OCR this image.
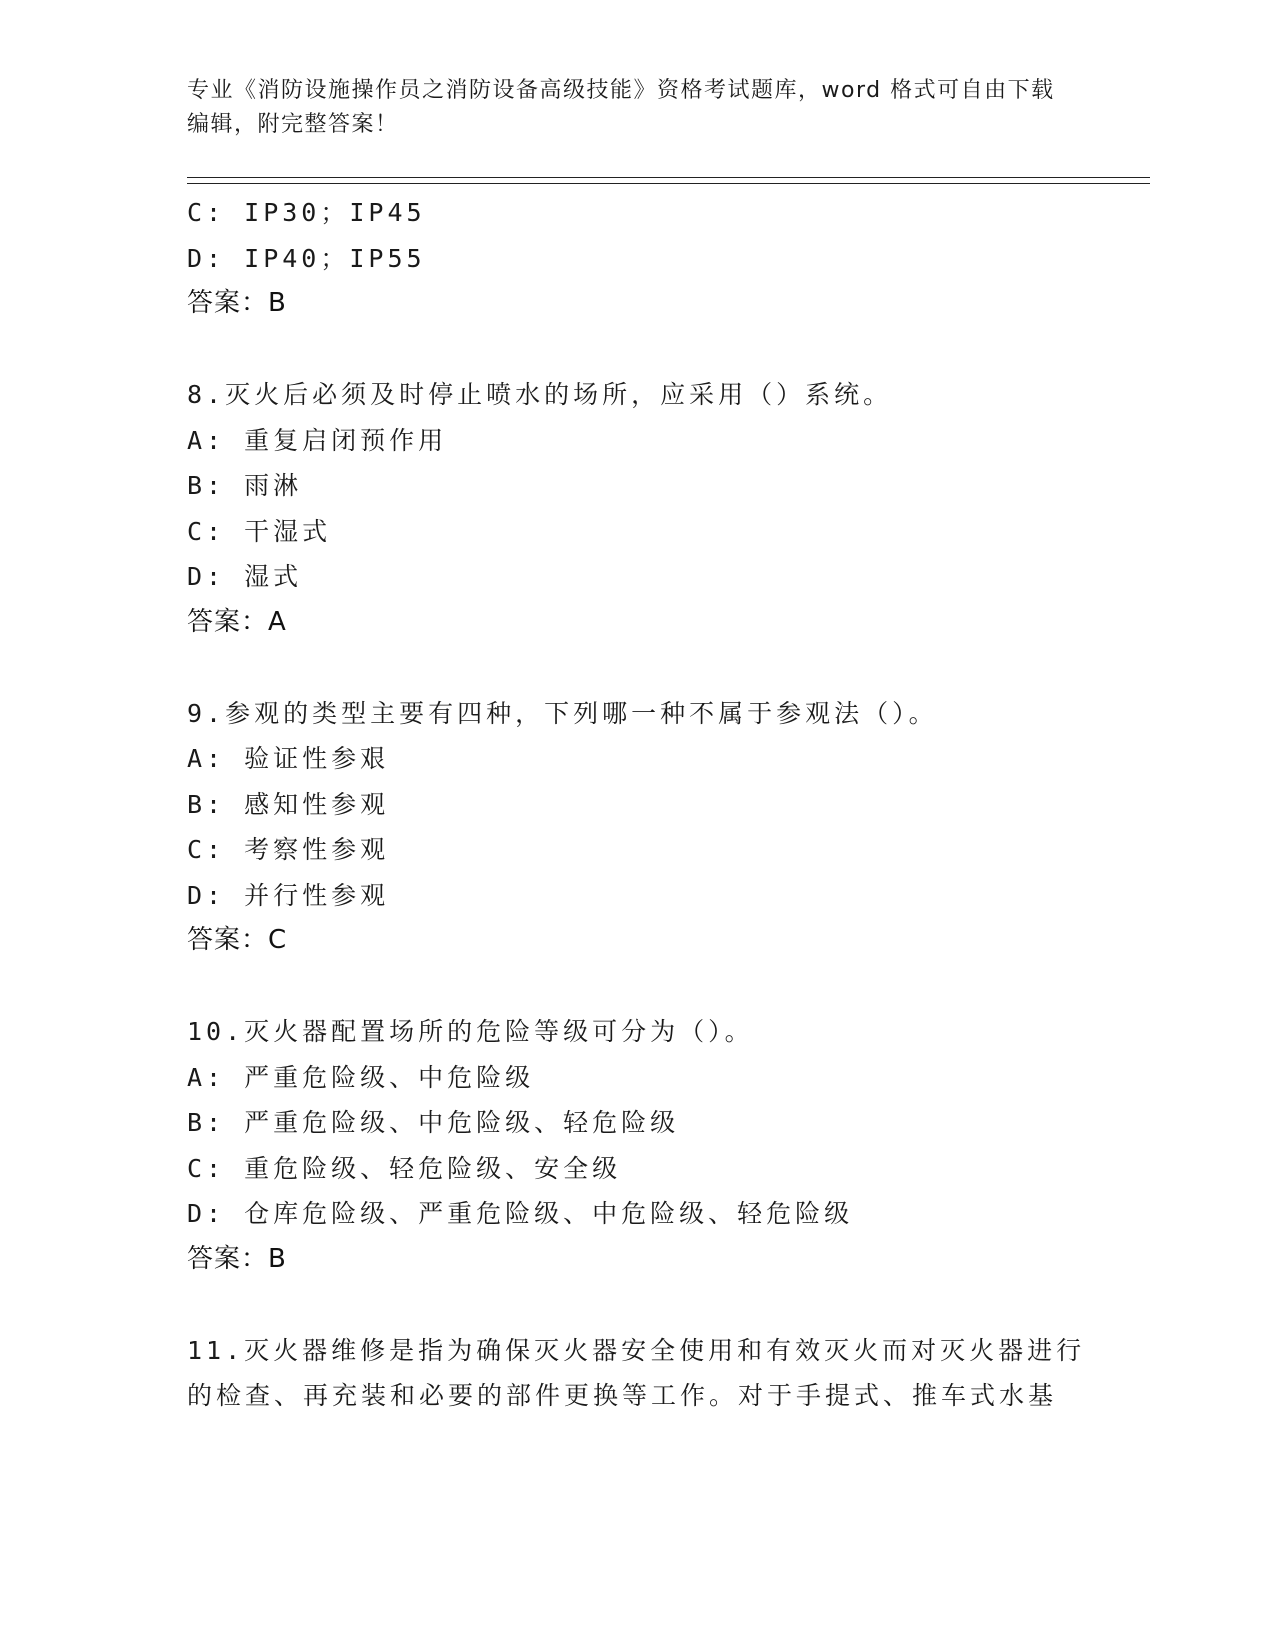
专业《消防设施操作员之消防设备高级技能》资格考试题库，word 格式可自由下载编辑，附完整答案！
C: IP30；IP45
D: IP40；IP55
答案：B
8.灭火后必须及时停止喷水的场所，应采用（）系统。
A: 重复启闭预作用
B: 雨淋
C: 干湿式
D: 湿式
答案：A
9.参观的类型主要有四种，下列哪一种不属于参观法（）。
A: 验证性参艰
B: 感知性参观
C: 考察性参观
D: 并行性参观
答案：C
10.灭火器配置场所的危险等级可分为（）。
A: 严重危险级、中危险级
B: 严重危险级、中危险级、轻危险级
C: 重危险级、轻危险级、安全级
D: 仓库危险级、严重危险级、中危险级、轻危险级
答案：B
11.灭火器维修是指为确保灭火器安全使用和有效灭火而对灭火器进行
的检查、再充装和必要的部件更换等工作。对于手提式、推车式水基
